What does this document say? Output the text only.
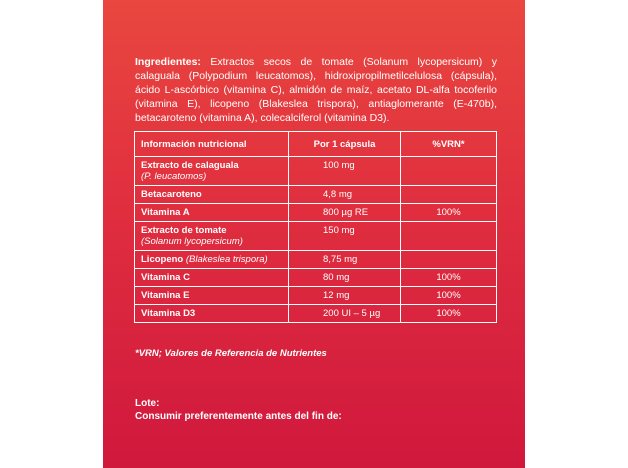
Ingredientes: Extractos secos de tomate (Solanum lycopersicum) y calaguala (Polypodium leucatomos), hidroxipropilmetilcelulosa (cápsula), ácido L-ascórbico (vitamina C), almidón de maíz, acetato DL-alfa tocoferilo (vitamina E), licopeno (Blakeslea trispora), antiaglomerante (E-470b), betacaroteno (vitamina A), colecalciferol (vitamina D3).

Información nutricional	Por 1 cápsula	%VRN*
Extracto de calaguala
(P. leucatomos)	100 mg	
Betacaroteno	4,8 mg	
Vitamina A	800 µg RE	100%
Extracto de tomate
(Solanum lycopersicum)	150 mg	
Licopeno (Blakeslea trispora)	8,75 mg	
Vitamina C	80 mg	100%
Vitamina E	12 mg	100%
Vitamina D3	200 UI – 5 µg	100%
*VRN; Valores de Referencia de Nutrientes
Lote:
Consumir preferentemente antes del fin de:
